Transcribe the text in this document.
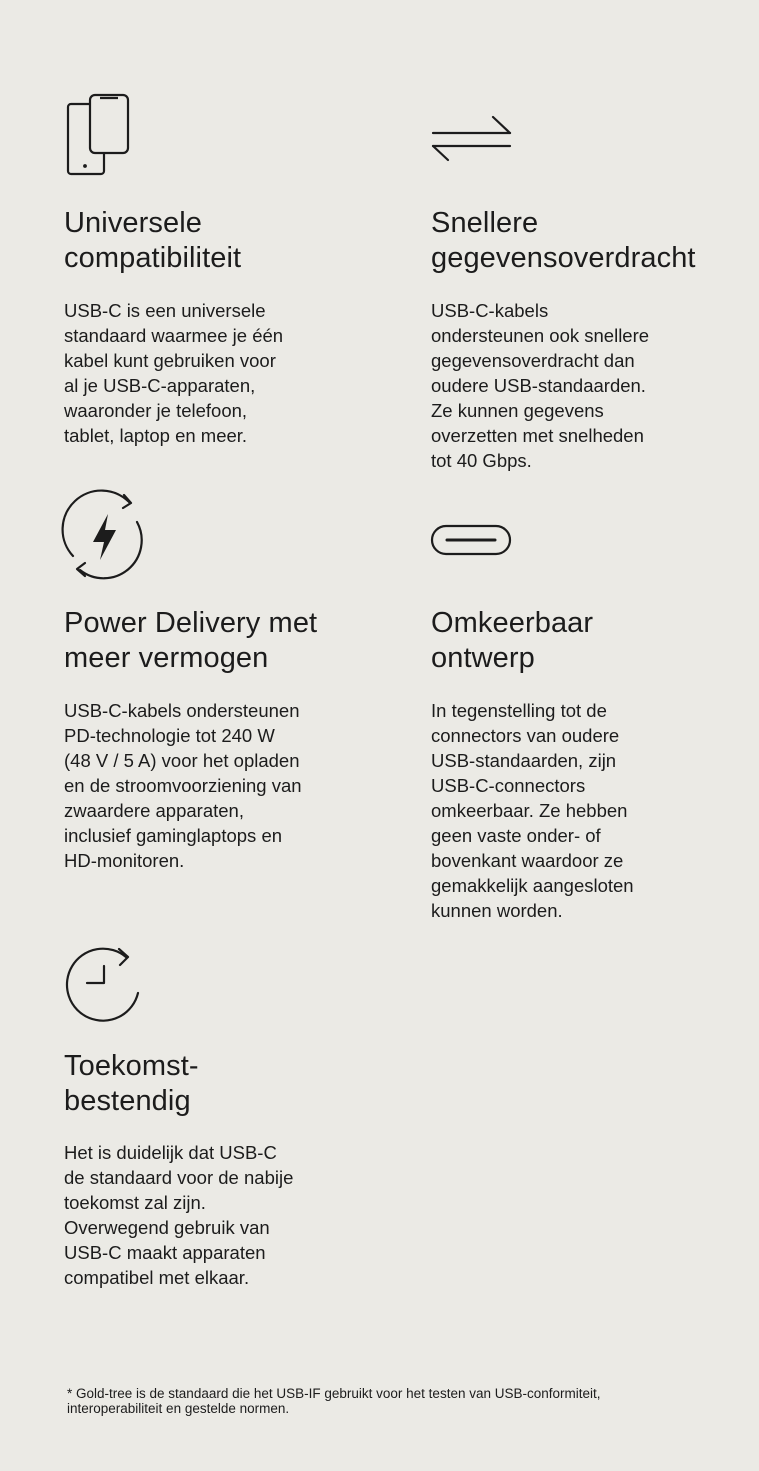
Universele
compatibiliteit

USB-C is een universele
standaard waarmee je één
kabel kunt gebruiken voor
al je USB-C-apparaten,
waaronder je telefoon,
tablet, laptop en meer.

Snellere
gegevensoverdracht

USB-C-kabels
ondersteunen ook snellere
gegevensoverdracht dan
oudere USB-standaarden.
Ze kunnen gegevens
overzetten met snelheden
tot 40 Gbps.

Power Delivery met
meer vermogen

USB-C-kabels ondersteunen
PD-technologie tot 240 W
(48 V / 5 A) voor het opladen
en de stroomvoorziening van
zwaardere apparaten,
inclusief gaminglaptops en
HD-monitoren.

Omkeerbaar
ontwerp

In tegenstelling tot de
connectors van oudere
USB-standaarden, zijn
USB-C-connectors
omkeerbaar. Ze hebben
geen vaste onder- of
bovenkant waardoor ze
gemakkelijk aangesloten
kunnen worden.

Toekomst-
bestendig

Het is duidelijk dat USB-C
de standaard voor de nabije
toekomst zal zijn.
Overwegend gebruik van
USB-C maakt apparaten
compatibel met elkaar.

* Gold-tree is de standaard die het USB-IF gebruikt voor het testen van USB-conformiteit,
interoperabiliteit en gestelde normen.
